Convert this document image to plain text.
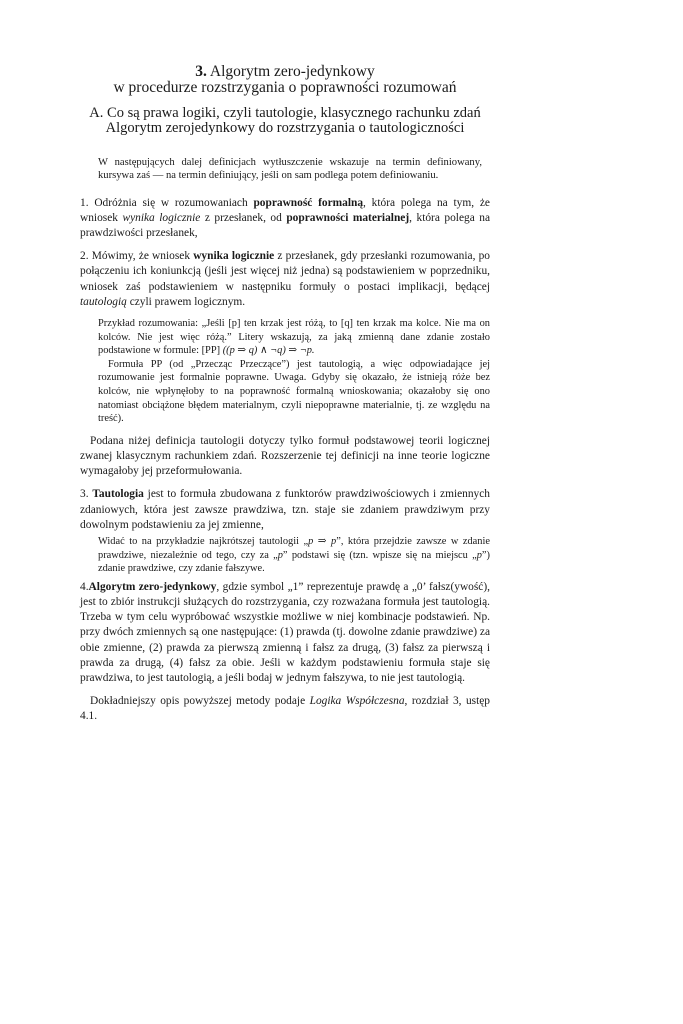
3. Algorytm zero-jedynkowy
w procedurze rozstrzygania o poprawności rozumowań
A. Co są prawa logiki, czyli tautologie, klasycznego rachunku zdań
Algorytm zerojedynkowy do rozstrzygania o tautologiczności

W następujących dalej definicjach wytłuszczenie wskazuje na termin definiowany, kursywa zaś — na termin definiujący, jeśli on sam podlega potem definiowaniu.

1. Odróżnia się w rozumowaniach poprawność formalną, która polega na tym, że wniosek wynika logicznie z przesłanek, od poprawności materialnej, która polega na prawdziwości przesłanek,

2. Mówimy, że wniosek wynika logicznie z przesłanek, gdy przesłanki rozumowania, po połączeniu ich koniunkcją (jeśli jest więcej niż jedna) są podstawieniem w poprzedniku, wniosek zaś podstawieniem w następniku formuły o postaci implikacji, będącej tautologią czyli prawem logicznym.

Przykład rozumowania: „Jeśli [p] ten krzak jest różą, to [q] ten krzak ma kolce. Nie ma on kolców. Nie jest więc różą.” Litery wskazują, za jaką zmienną dane zdanie zostało podstawione w formule: [PP] ((p ⇒ q) ∧ ¬q) ⇒ ¬p.

Formuła PP (od „Przecząc Przeczące”) jest tautologią, a więc odpowiadające jej rozumowanie jest formalnie poprawne. Uwaga. Gdyby się okazało, że istnieją róże bez kolców, nie wpłynęłoby to na poprawność formalną wnioskowania; okazałoby się ono natomiast obciążone błędem materialnym, czyli niepoprawne materialnie, tj. ze względu na treść).

Podana niżej definicja tautologii dotyczy tylko formuł podstawowej teorii logicznej zwanej klasycznym rachunkiem zdań. Rozszerzenie tej definicji na inne teorie logiczne wymagałoby jej przeformułowania.

3. Tautologia jest to formuła zbudowana z funktorów prawdziwościowych i zmiennych zdaniowych, która jest zawsze prawdziwa, tzn. staje sie zdaniem prawdziwym przy dowolnym podstawieniu za jej zmienne,

Widać to na przykładzie najkrótszej tautologii „p ⇒ p”, która przejdzie zawsze w zdanie prawdziwe, niezależnie od tego, czy za „p” podstawi się (tzn. wpisze się na miejscu „p”) zdanie prawdziwe, czy zdanie fałszywe.

4.Algorytm zero-jedynkowy, gdzie symbol „1” reprezentuje prawdę a „0’ fałsz(ywość), jest to zbiór instrukcji służących do rozstrzygania, czy rozważana formuła jest tautologią. Trzeba w tym celu wypróbować wszystkie możliwe w niej kombinacje podstawień. Np. przy dwóch zmiennych są one następujące: (1) prawda (tj. dowolne zdanie prawdziwe) za obie zmienne, (2) prawda za pierwszą zmienną i fałsz za drugą, (3) fałsz za pierwszą i prawda za drugą, (4) fałsz za obie. Jeśli w każdym podstawieniu formuła staje się prawdziwa, to jest tautologią, a jeśli bodaj w jednym fałszywa, to nie jest tautologią.

Dokładniejszy opis powyższej metody podaje Logika Współczesna, rozdział 3, ustęp 4.1.
